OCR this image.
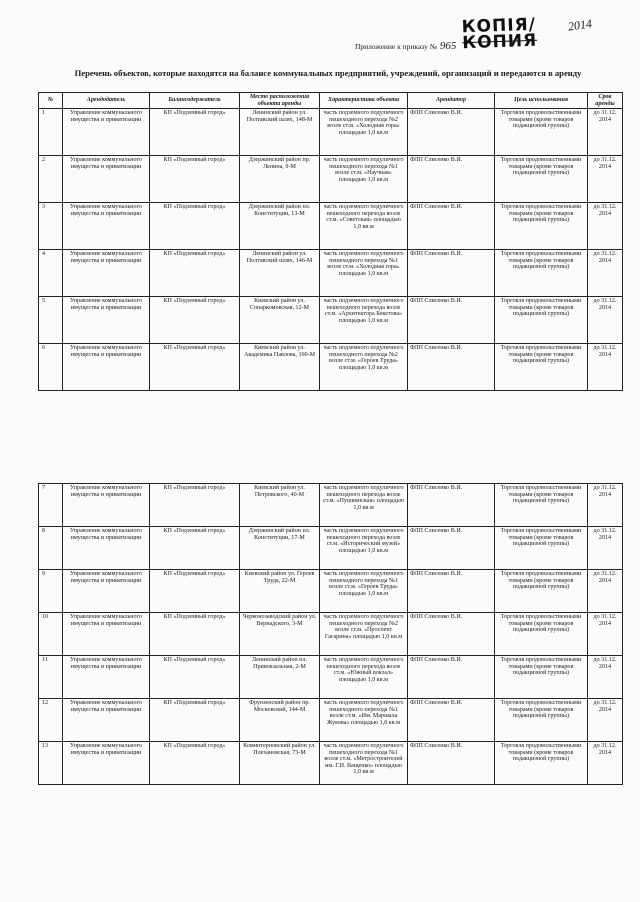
Приложение к приказу № 965
КОПІЯ/
КОПИЯ
2014
Перечень объектов, которые находятся на балансе коммунальных предприятий, учреждений, организаций и передаются в аренду
№	Арендодатель	Балансодержатель	Место расположения объекта аренды	Характеристика объекта	Арендатор	Цель использования	Срок аренды
1	Управление коммунального имущества и приватизации	КП «Подземный город»	Ленинский район ул. Полтавский шлях, 148-М	часть подземного подуличного пешеходного перехода №2 возле ст.м. «Холодная гора» площадью 1,0 кв.м	ФЛП Слисенко В.И.	Торговля продовольственными товарами (кроме товаров подакцизной группы)	до 31.12. 2014
2	Управление коммунального имущества и приватизации	КП «Подземный город»	Дзержинский район пр. Ленина, 9-М	часть подземного подуличного пешеходного перехода №1 возле ст.м. «Научная» площадью 1,0 кв.м	ФЛП Слисенко В.И.	Торговля продовольственными товарами (кроме товаров подакцизной группы)	до 31.12. 2014
3	Управление коммунального имущества и приватизации	КП «Подземный город»	Дзержинский район пл. Конституции, 13-М	часть подземного подуличного пешеходного перехода возле ст.м. «Советская» площадью 1,0 кв.м	ФЛП Слисенко В.И.	Торговля продовольственными товарами (кроме товаров подакцизной группы)	до 31.12. 2014
4	Управление коммунального имущества и приватизации	КП «Подземный город»	Ленинский район ул. Полтавский шлях, 146-М	часть подземного подуличного пешеходного перехода №1 возле ст.м. «Холодная гора» площадью 1,0 кв.м	ФЛП Слисенко В.И.	Торговля продовольственными товарами (кроме товаров подакцизной группы)	до 31.12. 2014
5	Управление коммунального имущества и приватизации	КП «Подземный город»	Киевский район ул. Сонаркомовская, 12-М	часть подземного подуличного пешеходного перехода возле ст.м. «Архитектора Бекетова» площадью 1,0 кв.м	ФЛП Слисенко В.И.	Торговля продовольственными товарами (кроме товаров подакцизной группы)	до 31.12. 2014
6	Управление коммунального имущества и приватизации	КП «Подземный город»	Киевский район ул. Академика Павлова, 160-М	часть подземного подуличного пешеходного перехода №2 возле ст.м. «Героев Труда» площадью 1,0 кв.м	ФЛП Слисенко В.И.	Торговля продовольственными товарами (кроме товаров подакцизной группы)	до 31.12. 2014
7	Управление коммунального имущества и приватизации	КП «Подземный город»	Киевский район ул. Петровского, 40-М	часть подземного подуличного пешеходного перехода возле ст.м. «Пушкинская» площадью 1,0 кв.м	ФЛП Слисенко В.И.	Торговля продовольственными товарами (кроме товаров подакцизной группы)	до 31.12. 2014
8	Управление коммунального имущества и приватизации	КП «Подземный город»	Дзержинский район пл. Конституции, 17-М	часть подземного подуличного пешеходного перехода возле ст.м. «Исторический музей» площадью 1,0 кв.м	ФЛП Слисенко В.И.	Торговля продовольственными товарами (кроме товаров подакцизной группы)	до 31.12. 2014
9	Управление коммунального имущества и приватизации	КП «Подземный город»	Киевский район ул. Героев Труда, 22-М	часть подземного подуличного пешеходного перехода №1 возле ст.м. «Героев Труда» площадью 1,0 кв.м	ФЛП Слисенко В.И.	Торговля продовольственными товарами (кроме товаров подакцизной группы)	до 31.12. 2014
10	Управление коммунального имущества и приватизации	КП «Подземный город»	Червонозаводский район ул. Вернадского, 3-М	часть подземного подуличного пешеходного перехода №2 возле ст.м. «Проспект Гагарина» площадью 1,0 кв.м	ФЛП Слисенко В.И.	Торговля продовольственными товарами (кроме товаров подакцизной группы)	до 31.12. 2014
11	Управление коммунального имущества и приватизации	КП «Подземный город»	Ленинский район пл. Привокзальная, 2-М	часть подземного подуличного пешеходного перехода возле ст.м. «Южный вокзал» площадью 1,0 кв.м	ФЛП Слисенко В.И.	Торговля продовольственными товарами (кроме товаров подакцизной группы)	до 31.12. 2014
12	Управление коммунального имущества и приватизации	КП «Подземный город»	Фрунзенский район пр. Московский, 144-М	часть подземного подуличного пешеходного перехода №1 возле ст.м. «Им. Маршала Жукова» площадью 1,0 кв.м	ФЛП Слисенко В.И.	Торговля продовольственными товарами (кроме товаров подакцизной группы)	до 31.12. 2014
13	Управление коммунального имущества и приватизации	КП «Подземный город»	Коминтерновский район ул. Плехановская, 73-М	часть подземного подуличного пешеходного перехода №1 возле ст.м. «Метростроителей им. Г.И. Ващенко» площадью 1,0 кв.м	ФЛП Слисенко В.И.	Торговля продовольственными товарами (кроме товаров подакцизной группы)	до 31.12. 2014
